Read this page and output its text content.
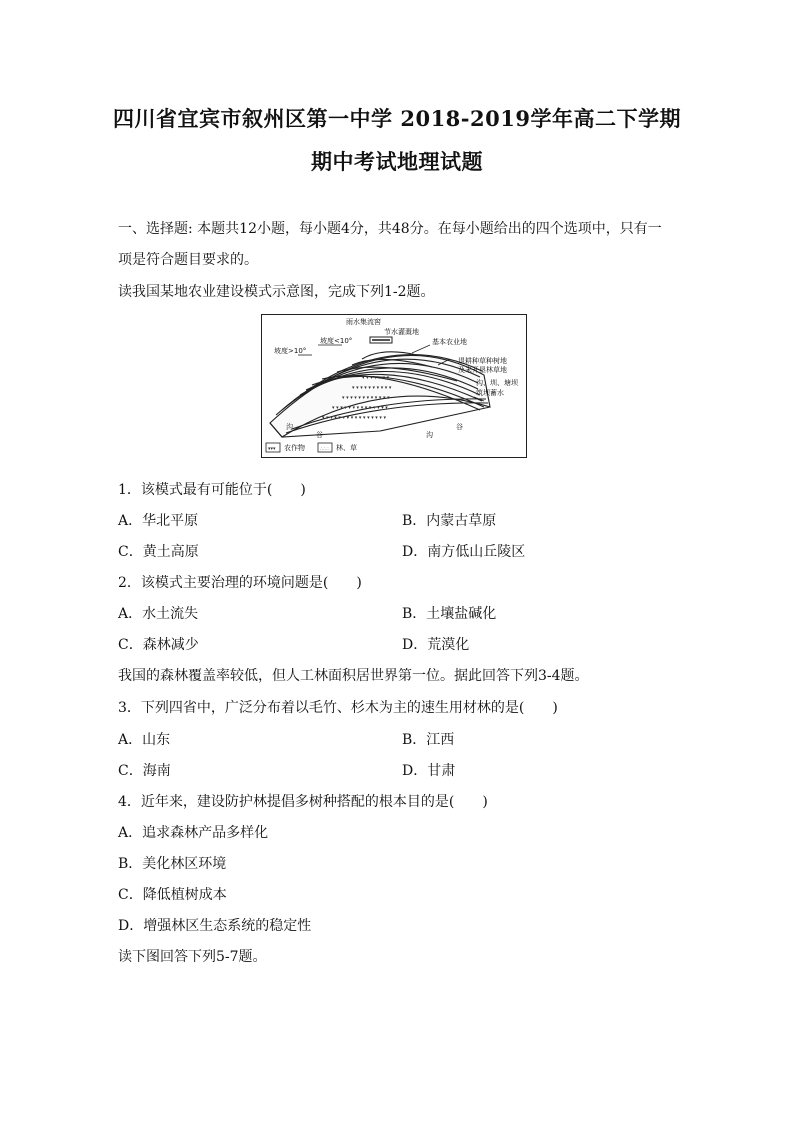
四川省宜宾市叙州区第一中学 2018-2019学年高二下学期
期中考试地理试题
一、选择题: 本题共12小题，每小题4分，共48分。在每小题给出的四个选项中，只有一
项是符合题目要求的。
读我国某地农业建设模式示意图，完成下列1-2题。
▾ ▾ ▾ ▾ ▾ ▾ ▾ ▾ ▾ ▾ ▾ ▾ ▾ ▾ ▾ ▾
▾ ▾ ▾ ▾ ▾ ▾ ▾ ▾ ▾ ▾ ▾ ▾ ▾ ▾
▾ ▾ ▾ ▾ ▾ ▾ ▾ ▾ ▾ ▾ ▾ ▾
▾ ▾ ▾ ▾ ▾ ▾ ▾ ▾ ▾ ▾
▾ ▾ ▾ ▾ ▾ ▾ ▾
雨水集流窖
节水灌溉地
坡度<10°
坡度>10°
基本农业地
退耕种草种树地
及未开垦林草地
沟、圳、塘坝
筑坝蓄水
沟
谷	沟
谷
▾▾▾ 农作物	∴∴∴ 林、草
1．该模式最有可能位于(　　)
A．华北平原	B．内蒙古草原
C．黄土高原	D．南方低山丘陵区
2．该模式主要治理的环境问题是(　　)
A．水土流失	B．土壤盐碱化
C．森林减少	D．荒漠化
我国的森林覆盖率较低，但人工林面积居世界第一位。据此回答下列3-4题。
3．下列四省中，广泛分布着以毛竹、杉木为主的速生用材林的是(　　)
A．山东	B．江西
C．海南	D．甘肃
4．近年来，建设防护林提倡多树种搭配的根本目的是(　　)
A．追求森林产品多样化
B．美化林区环境
C．降低植树成本
D．增强林区生态系统的稳定性
读下图回答下列5-7题。
